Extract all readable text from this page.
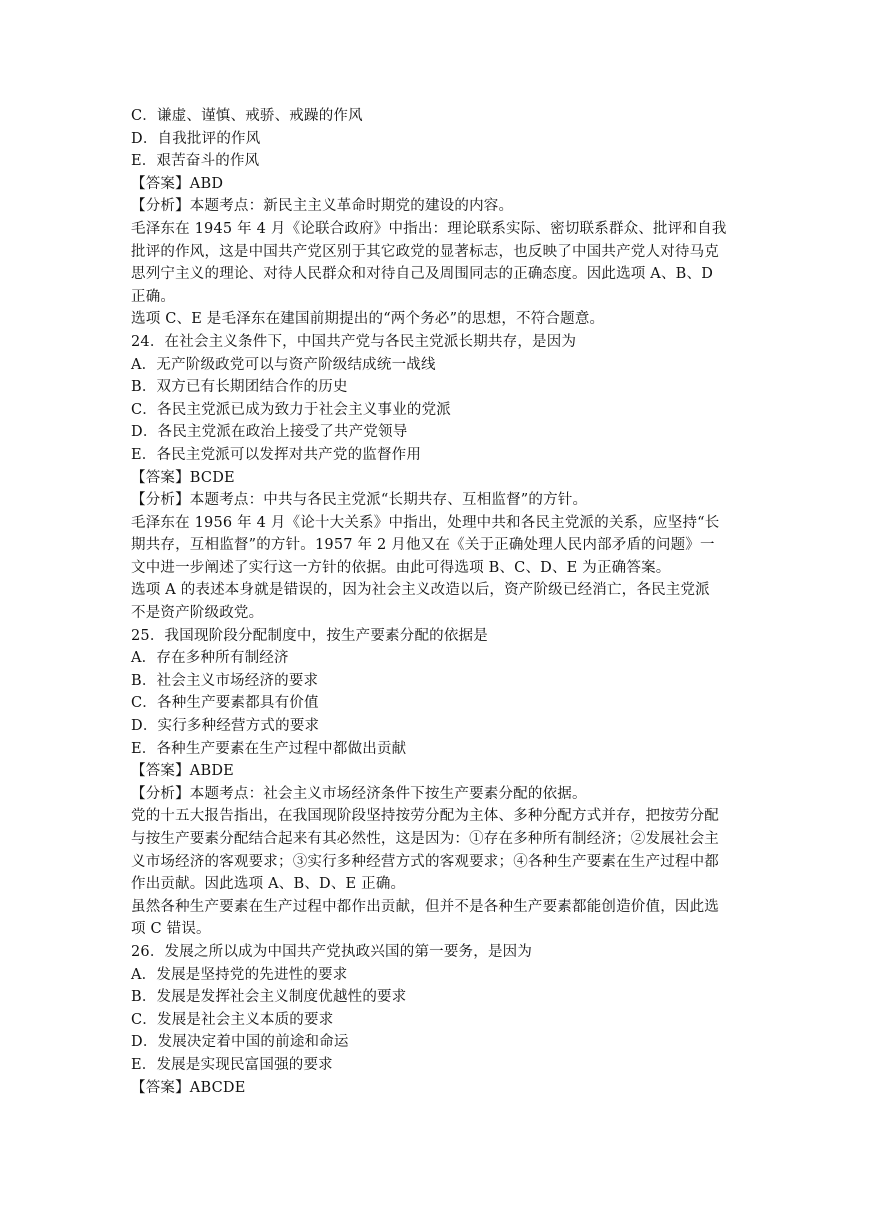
C．谦虚、谨慎、戒骄、戒躁的作风

D．自我批评的作风

E．艰苦奋斗的作风

【答案】ABD

【分析】本题考点：新民主主义革命时期党的建设的内容。

毛泽东在 1945 年 4 月《论联合政府》中指出：理论联系实际、密切联系群众、批评和自我

批评的作风，这是中国共产党区别于其它政党的显著标志，也反映了中国共产党人对待马克

思列宁主义的理论、对待人民群众和对待自己及周围同志的正确态度。因此选项 A、B、D

正确。

选项 C、E 是毛泽东在建国前期提出的“两个务必”的思想，不符合题意。

24．在社会主义条件下，中国共产党与各民主党派长期共存，是因为

A．无产阶级政党可以与资产阶级结成统一战线

B．双方已有长期团结合作的历史

C．各民主党派已成为致力于社会主义事业的党派

D．各民主党派在政治上接受了共产党领导

E．各民主党派可以发挥对共产党的监督作用

【答案】BCDE

【分析】本题考点：中共与各民主党派“长期共存、互相监督”的方针。

毛泽东在 1956 年 4 月《论十大关系》中指出，处理中共和各民主党派的关系，应坚持“长

期共存，互相监督”的方针。1957 年 2 月他又在《关于正确处理人民内部矛盾的问题》一

文中进一步阐述了实行这一方针的依据。由此可得选项 B、C、D、E 为正确答案。

选项 A 的表述本身就是错误的，因为社会主义改造以后，资产阶级已经消亡，各民主党派

不是资产阶级政党。

25．我国现阶段分配制度中，按生产要素分配的依据是

A．存在多种所有制经济

B．社会主义市场经济的要求

C．各种生产要素都具有价值

D．实行多种经营方式的要求

E．各种生产要素在生产过程中都做出贡献

【答案】ABDE

【分析】本题考点：社会主义市场经济条件下按生产要素分配的依据。

党的十五大报告指出，在我国现阶段坚持按劳分配为主体、多种分配方式并存，把按劳分配

与按生产要素分配结合起来有其必然性，这是因为：①存在多种所有制经济；②发展社会主

义市场经济的客观要求；③实行多种经营方式的客观要求；④各种生产要素在生产过程中都

作出贡献。因此选项 A、B、D、E 正确。

虽然各种生产要素在生产过程中都作出贡献，但并不是各种生产要素都能创造价值，因此选

项 C 错误。

26．发展之所以成为中国共产党执政兴国的第一要务，是因为

A．发展是坚持党的先进性的要求

B．发展是发挥社会主义制度优越性的要求

C．发展是社会主义本质的要求

D．发展决定着中国的前途和命运

E．发展是实现民富国强的要求

【答案】ABCDE
